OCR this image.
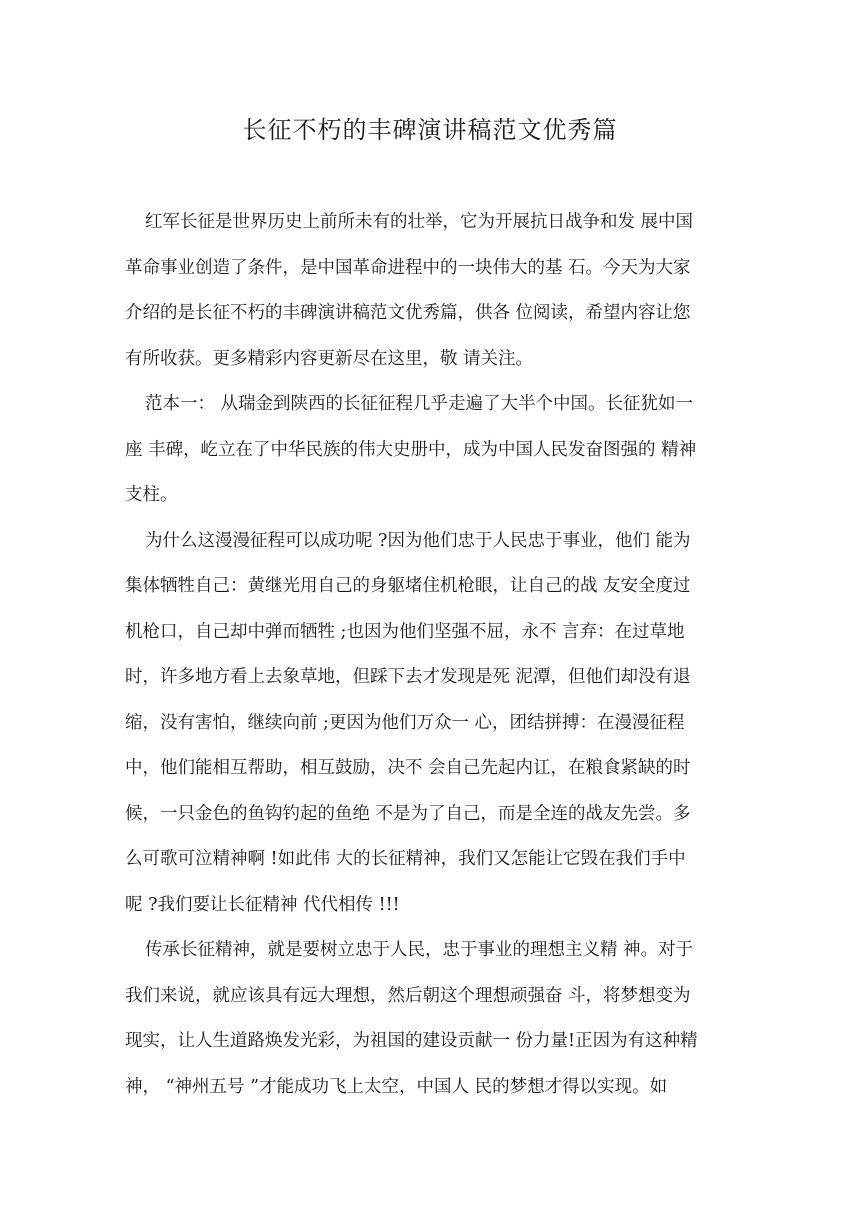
长征不朽的丰碑演讲稿范文优秀篇

红军长征是世界历史上前所未有的壮举，它为开展抗日战争和发 展中国
革命事业创造了条件，是中国革命进程中的一块伟大的基 石。今天为大家
介绍的是长征不朽的丰碑演讲稿范文优秀篇，供各 位阅读，希望内容让您
有所收获。更多精彩内容更新尽在这里，敬 请关注。

范本一： 从瑞金到陕西的长征征程几乎走遍了大半个中国。长征犹如一
座 丰碑，屹立在了中华民族的伟大史册中，成为中国人民发奋图强的 精神
支柱。

为什么这漫漫征程可以成功呢 ?因为他们忠于人民忠于事业，他们 能为
集体牺牲自己：黄继光用自己的身躯堵住机枪眼，让自己的战 友安全度过
机枪口，自己却中弹而牺牲 ;也因为他们坚强不屈，永不 言弃：在过草地
时，许多地方看上去象草地，但踩下去才发现是死 泥潭，但他们却没有退
缩，没有害怕，继续向前 ;更因为他们万众一 心，团结拼搏：在漫漫征程
中，他们能相互帮助，相互鼓励，决不 会自己先起内讧，在粮食紧缺的时
候，一只金色的鱼钩钓起的鱼绝 不是为了自己，而是全连的战友先尝。多
么可歌可泣精神啊 !如此伟 大的长征精神，我们又怎能让它毁在我们手中
呢 ?我们要让长征精神 代代相传 !!!

传承长征精神，就是要树立忠于人民，忠于事业的理想主义精 神。对于
我们来说，就应该具有远大理想，然后朝这个理想顽强奋 斗，将梦想变为
现实，让人生道路焕发光彩，为祖国的建设贡献一 份力量!正因为有这种精
神， “神州五号 ”才能成功飞上太空，中国人 民的梦想才得以实现。如
